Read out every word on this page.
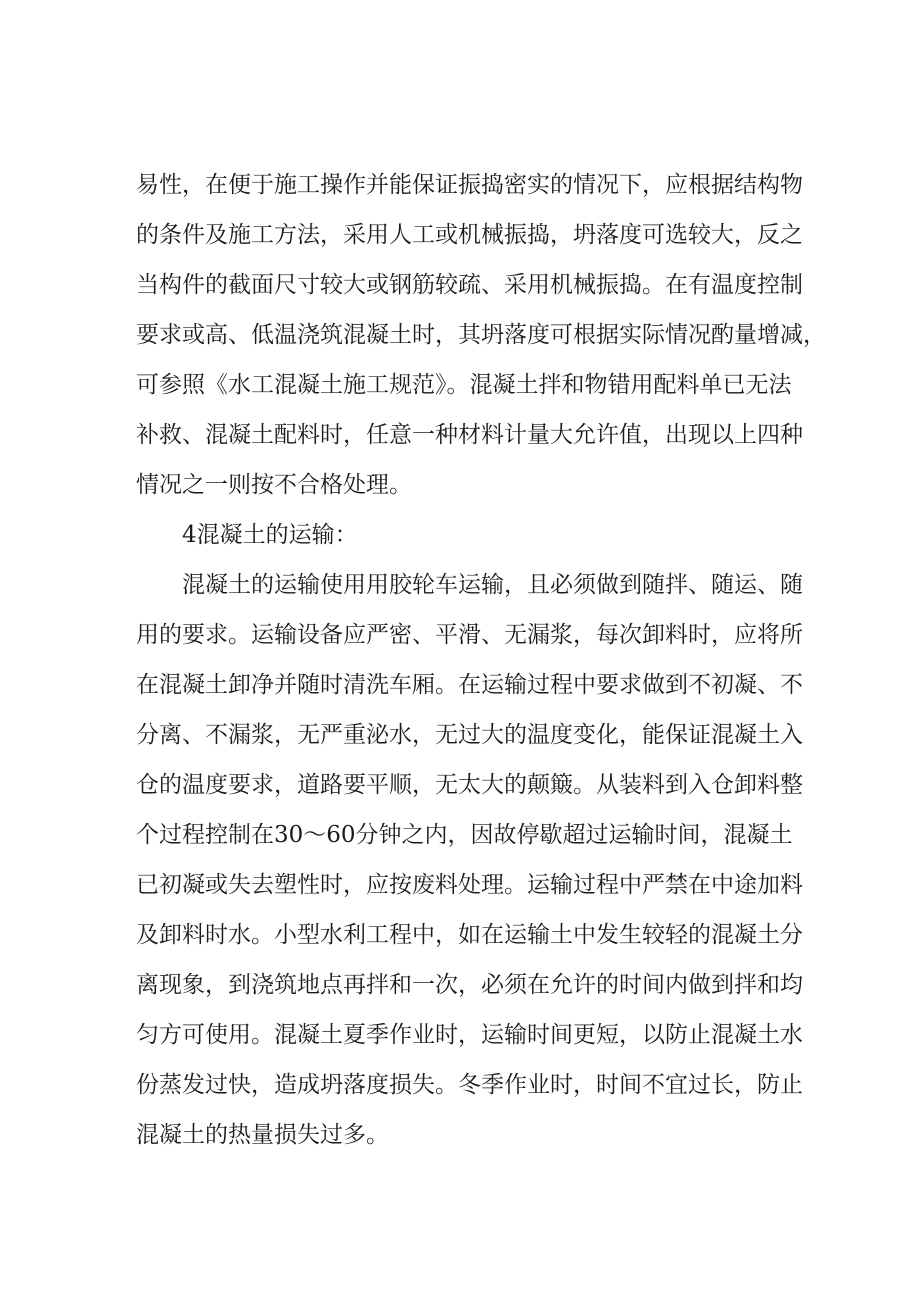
易性，在便于施工操作并能保证振捣密实的情况下，应根据结构物
的条件及施工方法，采用人工或机械振捣，坍落度可选较大，反之
当构件的截面尺寸较大或钢筋较疏、采用机械振捣。在有温度控制
要求或高、低温浇筑混凝土时，其坍落度可根据实际情况酌量增减，
可参照《水工混凝土施工规范》。混凝土拌和物错用配料单已无法
补救、混凝土配料时，任意一种材料计量大允许值，出现以上四种
情况之一则按不合格处理。
4混凝土的运输：
混凝土的运输使用用胶轮车运输，且必须做到随拌、随运、随
用的要求。运输设备应严密、平滑、无漏浆，每次卸料时，应将所
在混凝土卸净并随时清洗车厢。在运输过程中要求做到不初凝、不
分离、不漏浆，无严重泌水，无过大的温度变化，能保证混凝土入
仓的温度要求，道路要平顺，无太大的颠簸。从装料到入仓卸料整
个过程控制在30～60分钟之内，因故停歇超过运输时间，混凝土
已初凝或失去塑性时，应按废料处理。运输过程中严禁在中途加料
及卸料时水。小型水利工程中，如在运输土中发生较轻的混凝土分
离现象，到浇筑地点再拌和一次，必须在允许的时间内做到拌和均
匀方可使用。混凝土夏季作业时，运输时间更短，以防止混凝土水
份蒸发过快，造成坍落度损失。冬季作业时，时间不宜过长，防止
混凝土的热量损失过多。
